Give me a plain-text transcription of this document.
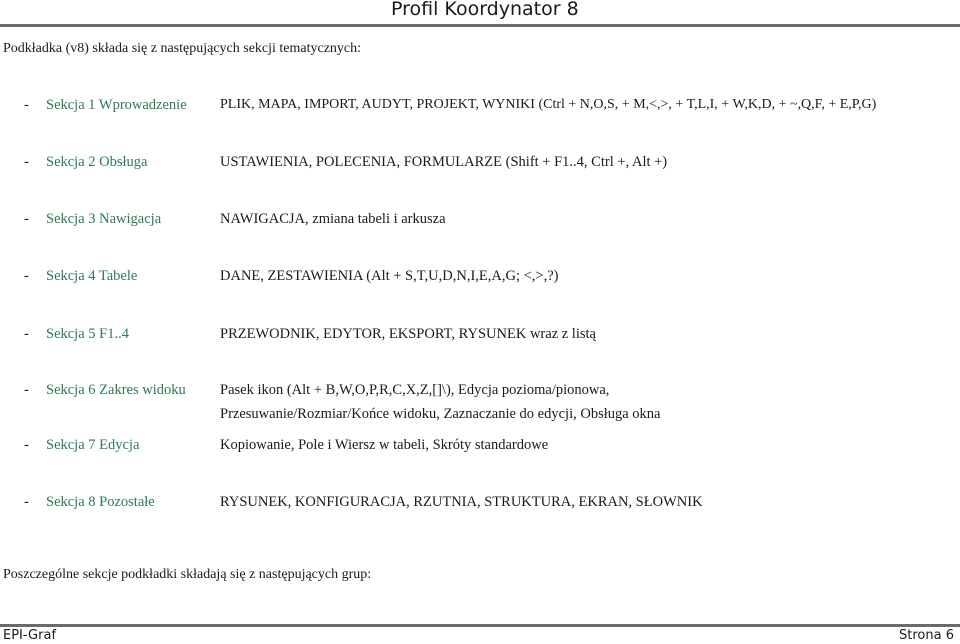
Profil Koordynator 8
Podkładka (v8) składa się z następujących sekcji tematycznych:
- Sekcja 1 Wprowadzenie PLIK, MAPA, IMPORT, AUDYT, PROJEKT, WYNIKI (Ctrl + N,O,S, + M,<,>, + T,L,I, + W,K,D, + ~,Q,F, + E,P,G)
- Sekcja 2 Obsługa	USTAWIENIA, POLECENIA, FORMULARZE (Shift + F1..4, Ctrl +, Alt +)
- Sekcja 3 Nawigacja	NAWIGACJA, zmiana tabeli i arkusza
- Sekcja 4 Tabele	DANE, ZESTAWIENIA (Alt + S,T,U,D,N,I,E,A,G; <,>,?)
- Sekcja 5 F1..4	PRZEWODNIK, EDYTOR, EKSPORT, RYSUNEK wraz z listą
- Sekcja 6 Zakres widoku Pasek ikon (Alt + B,W,O,P,R,C,X,Z,[]\), Edycja pozioma/pionowa,
Przesuwanie/Rozmiar/Końce widoku, Zaznaczanie do edycji, Obsługa okna
- Sekcja 7 Edycja	Kopiowanie, Pole i Wiersz w tabeli, Skróty standardowe
- Sekcja 8 Pozostałe	RYSUNEK, KONFIGURACJA, RZUTNIA, STRUKTURA, EKRAN, SŁOWNIK
Poszczególne sekcje podkładki składają się z następujących grup:
EPI-Graf	Strona 6
